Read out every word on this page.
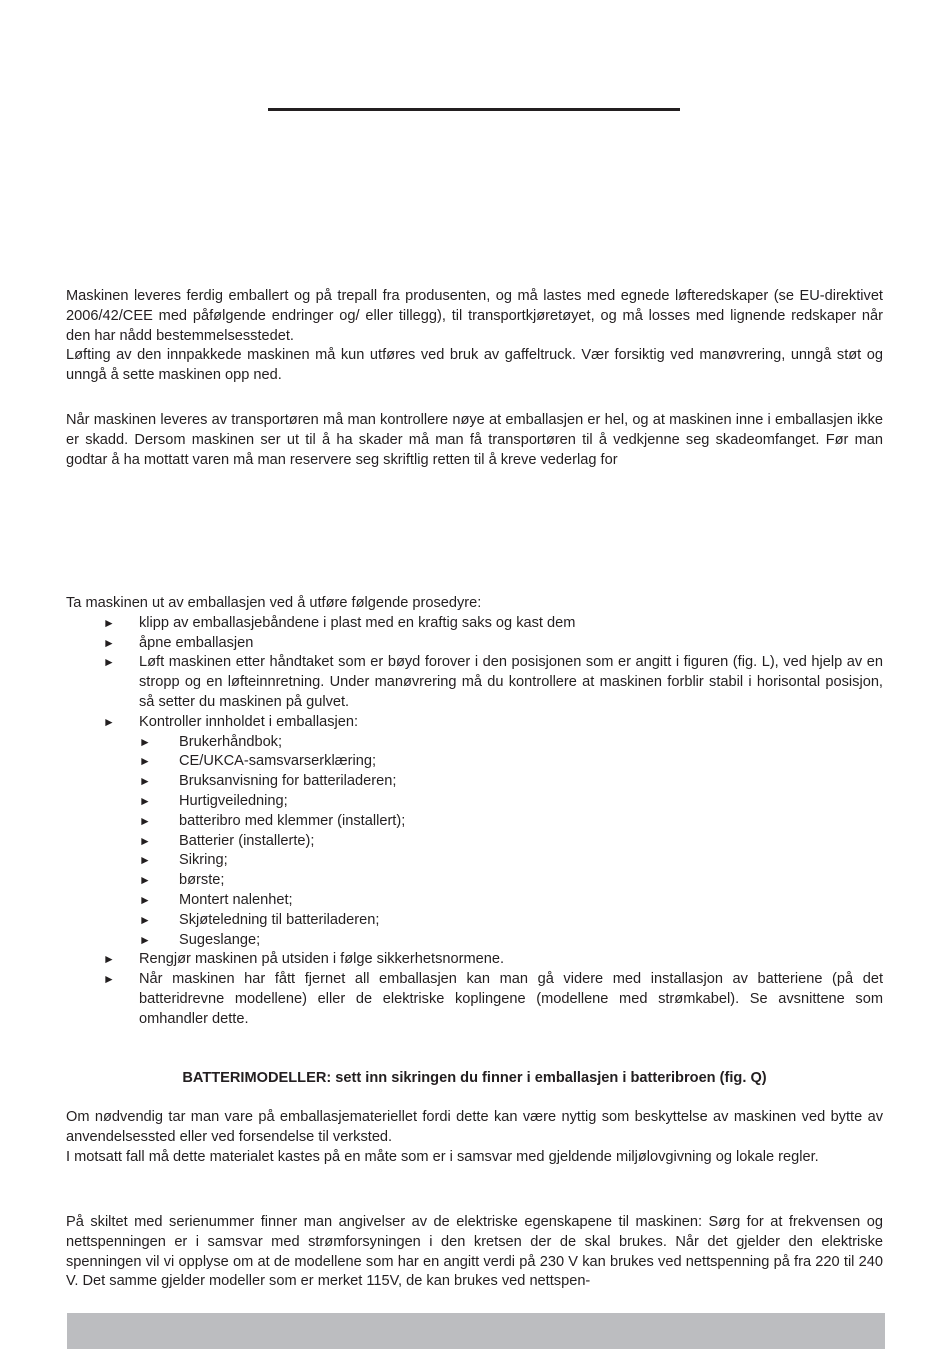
Maskinen leveres ferdig emballert og på trepall fra produsenten, og må lastes med egnede løfteredskaper (se EU-direktivet 2006/42/CEE med påfølgende endringer og/ eller tillegg), til transportkjøretøyet, og må losses med lignende redskaper når den har nådd bestemmelsesstedet.

Løfting av den innpakkede maskinen må kun utføres ved bruk av gaffeltruck. Vær forsiktig ved manøvrering, unngå støt og unngå å sette maskinen opp ned.

Når maskinen leveres av transportøren må man kontrollere nøye at emballasjen er hel, og at maskinen inne i emballasjen ikke er skadd. Dersom maskinen ser ut til å ha skader må man få transportøren til å vedkjenne seg skadeomfanget. Før man godtar å ha mottatt varen må man reservere seg skriftlig retten til å kreve vederlag for

Ta maskinen ut av emballasjen ved å utføre følgende prosedyre:

► klipp av emballasjebåndene i plast med en kraftig saks og kast dem
► åpne emballasjen
► Løft maskinen etter håndtaket som er bøyd forover i den posisjonen som er angitt i figuren (fig. L), ved hjelp av en stropp og en løfteinnretning. Under manøvrering må du kontrollere at maskinen forblir stabil i horisontal posisjon, så setter du maskinen på gulvet.
► Kontroller innholdet i emballasjen:
► Brukerhåndbok;
► CE/UKCA-samsvarserklæring;
► Bruksanvisning for batteriladeren;
► Hurtigveiledning;
► batteribro med klemmer (installert);
► Batterier (installerte);
► Sikring;
► børste;
► Montert nalenhet;
► Skjøteledning til batteriladeren;
► Sugeslange;
► Rengjør maskinen på utsiden i følge sikkerhetsnormene.
► Når maskinen har fått fjernet all emballasjen kan man gå videre med installasjon av batteriene (på det batteridrevne modellene) eller de elektriske koplingene (modellene med strømkabel). Se avsnittene som omhandler dette.
BATTERIMODELLER: sett inn sikringen du finner i emballasjen i batteribroen (fig. Q)

Om nødvendig tar man vare på emballasjemateriellet fordi dette kan være nyttig som beskyttelse av maskinen ved bytte av anvendelsessted eller ved forsendelse til verksted.

I motsatt fall må dette materialet kastes på en måte som er i samsvar med gjeldende miljølovgivning og lokale regler.

På skiltet med serienummer finner man angivelser av de elektriske egenskapene til maskinen: Sørg for at frekvensen og nettspenningen er i samsvar med strømforsyningen i den kretsen der de skal brukes. Når det gjelder den elektriske spenningen vil vi opplyse om at de modellene som har en angitt verdi på 230 V kan brukes ved nettspenning på fra 220 til 240 V. Det samme gjelder modeller som er merket 115V, de kan brukes ved nettspen-
